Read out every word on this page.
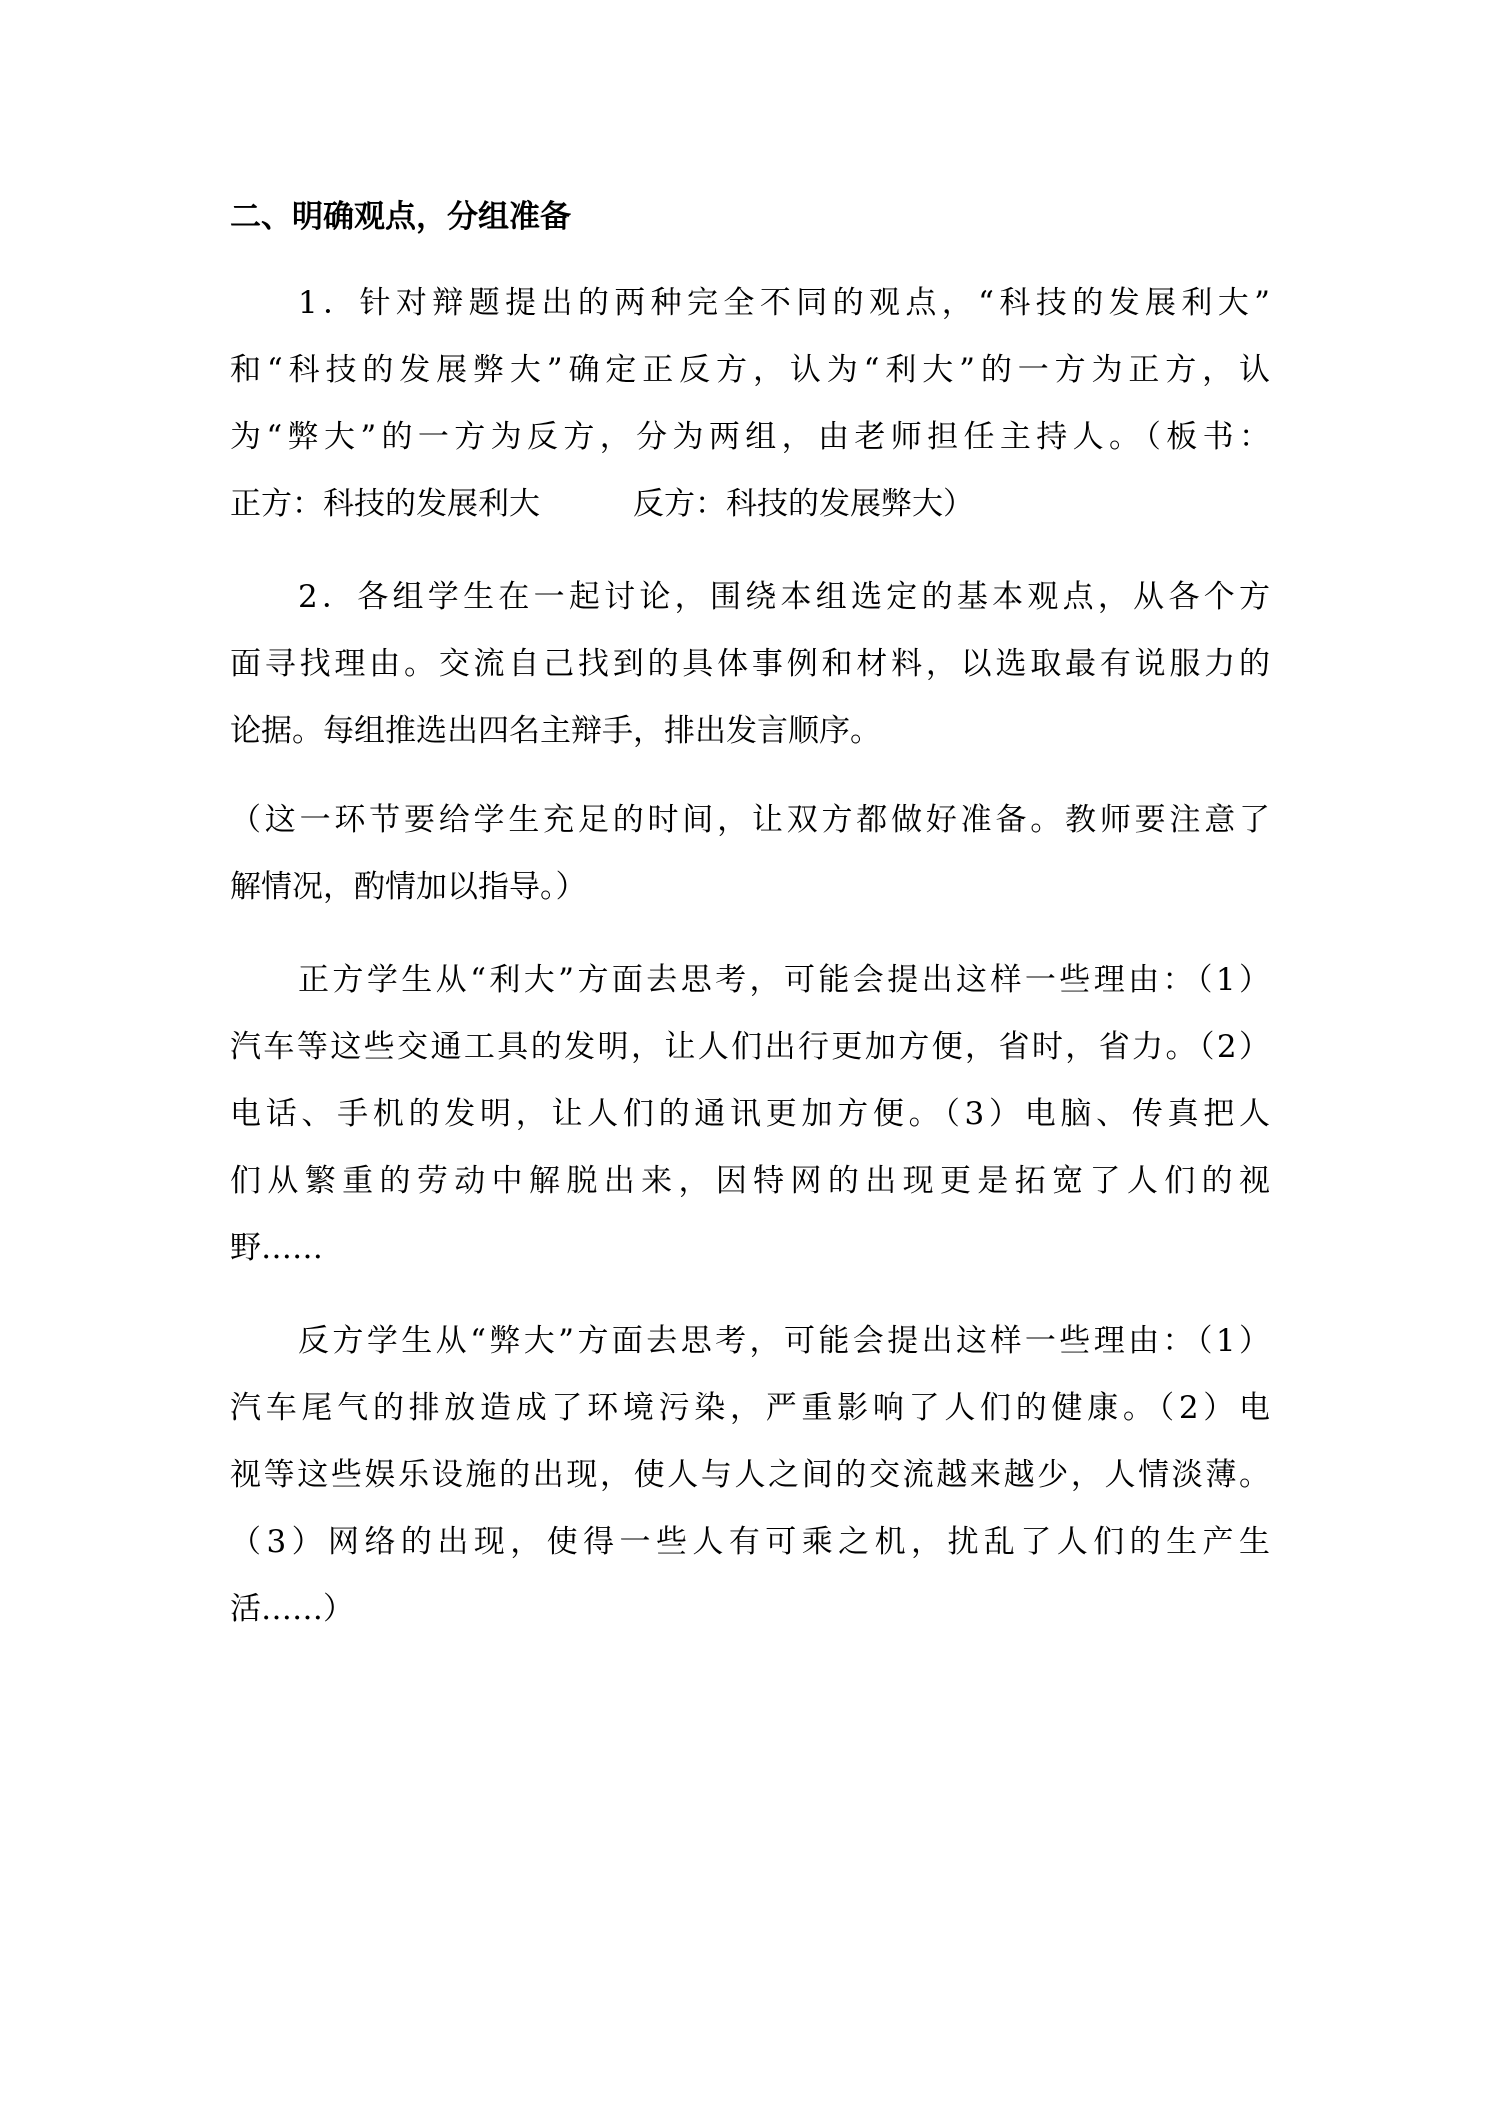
二、明确观点，分组准备
1．针对辩题提出的两种完全不同的观点，“科技的发展利大”
和“科技的发展弊大”确定正反方，认为“利大”的一方为正方，认
为“弊大”的一方为反方，分为两组，由老师担任主持人。（板书：
正方：科技的发展利大　　　反方：科技的发展弊大）
2．各组学生在一起讨论，围绕本组选定的基本观点，从各个方
面寻找理由。交流自己找到的具体事例和材料，以选取最有说服力的
论据。每组推选出四名主辩手，排出发言顺序。
（这一环节要给学生充足的时间，让双方都做好准备。教师要注意了
解情况，酌情加以指导。）
正方学生从“利大”方面去思考，可能会提出这样一些理由：（1）
汽车等这些交通工具的发明，让人们出行更加方便，省时，省力。（2）
电话、手机的发明，让人们的通讯更加方便。（3）电脑、传真把人
们从繁重的劳动中解脱出来，因特网的出现更是拓宽了人们的视
野……
反方学生从“弊大”方面去思考，可能会提出这样一些理由：（1）
汽车尾气的排放造成了环境污染，严重影响了人们的健康。（2）电
视等这些娱乐设施的出现，使人与人之间的交流越来越少，人情淡薄。
（3）网络的出现，使得一些人有可乘之机，扰乱了人们的生产生
活……）
